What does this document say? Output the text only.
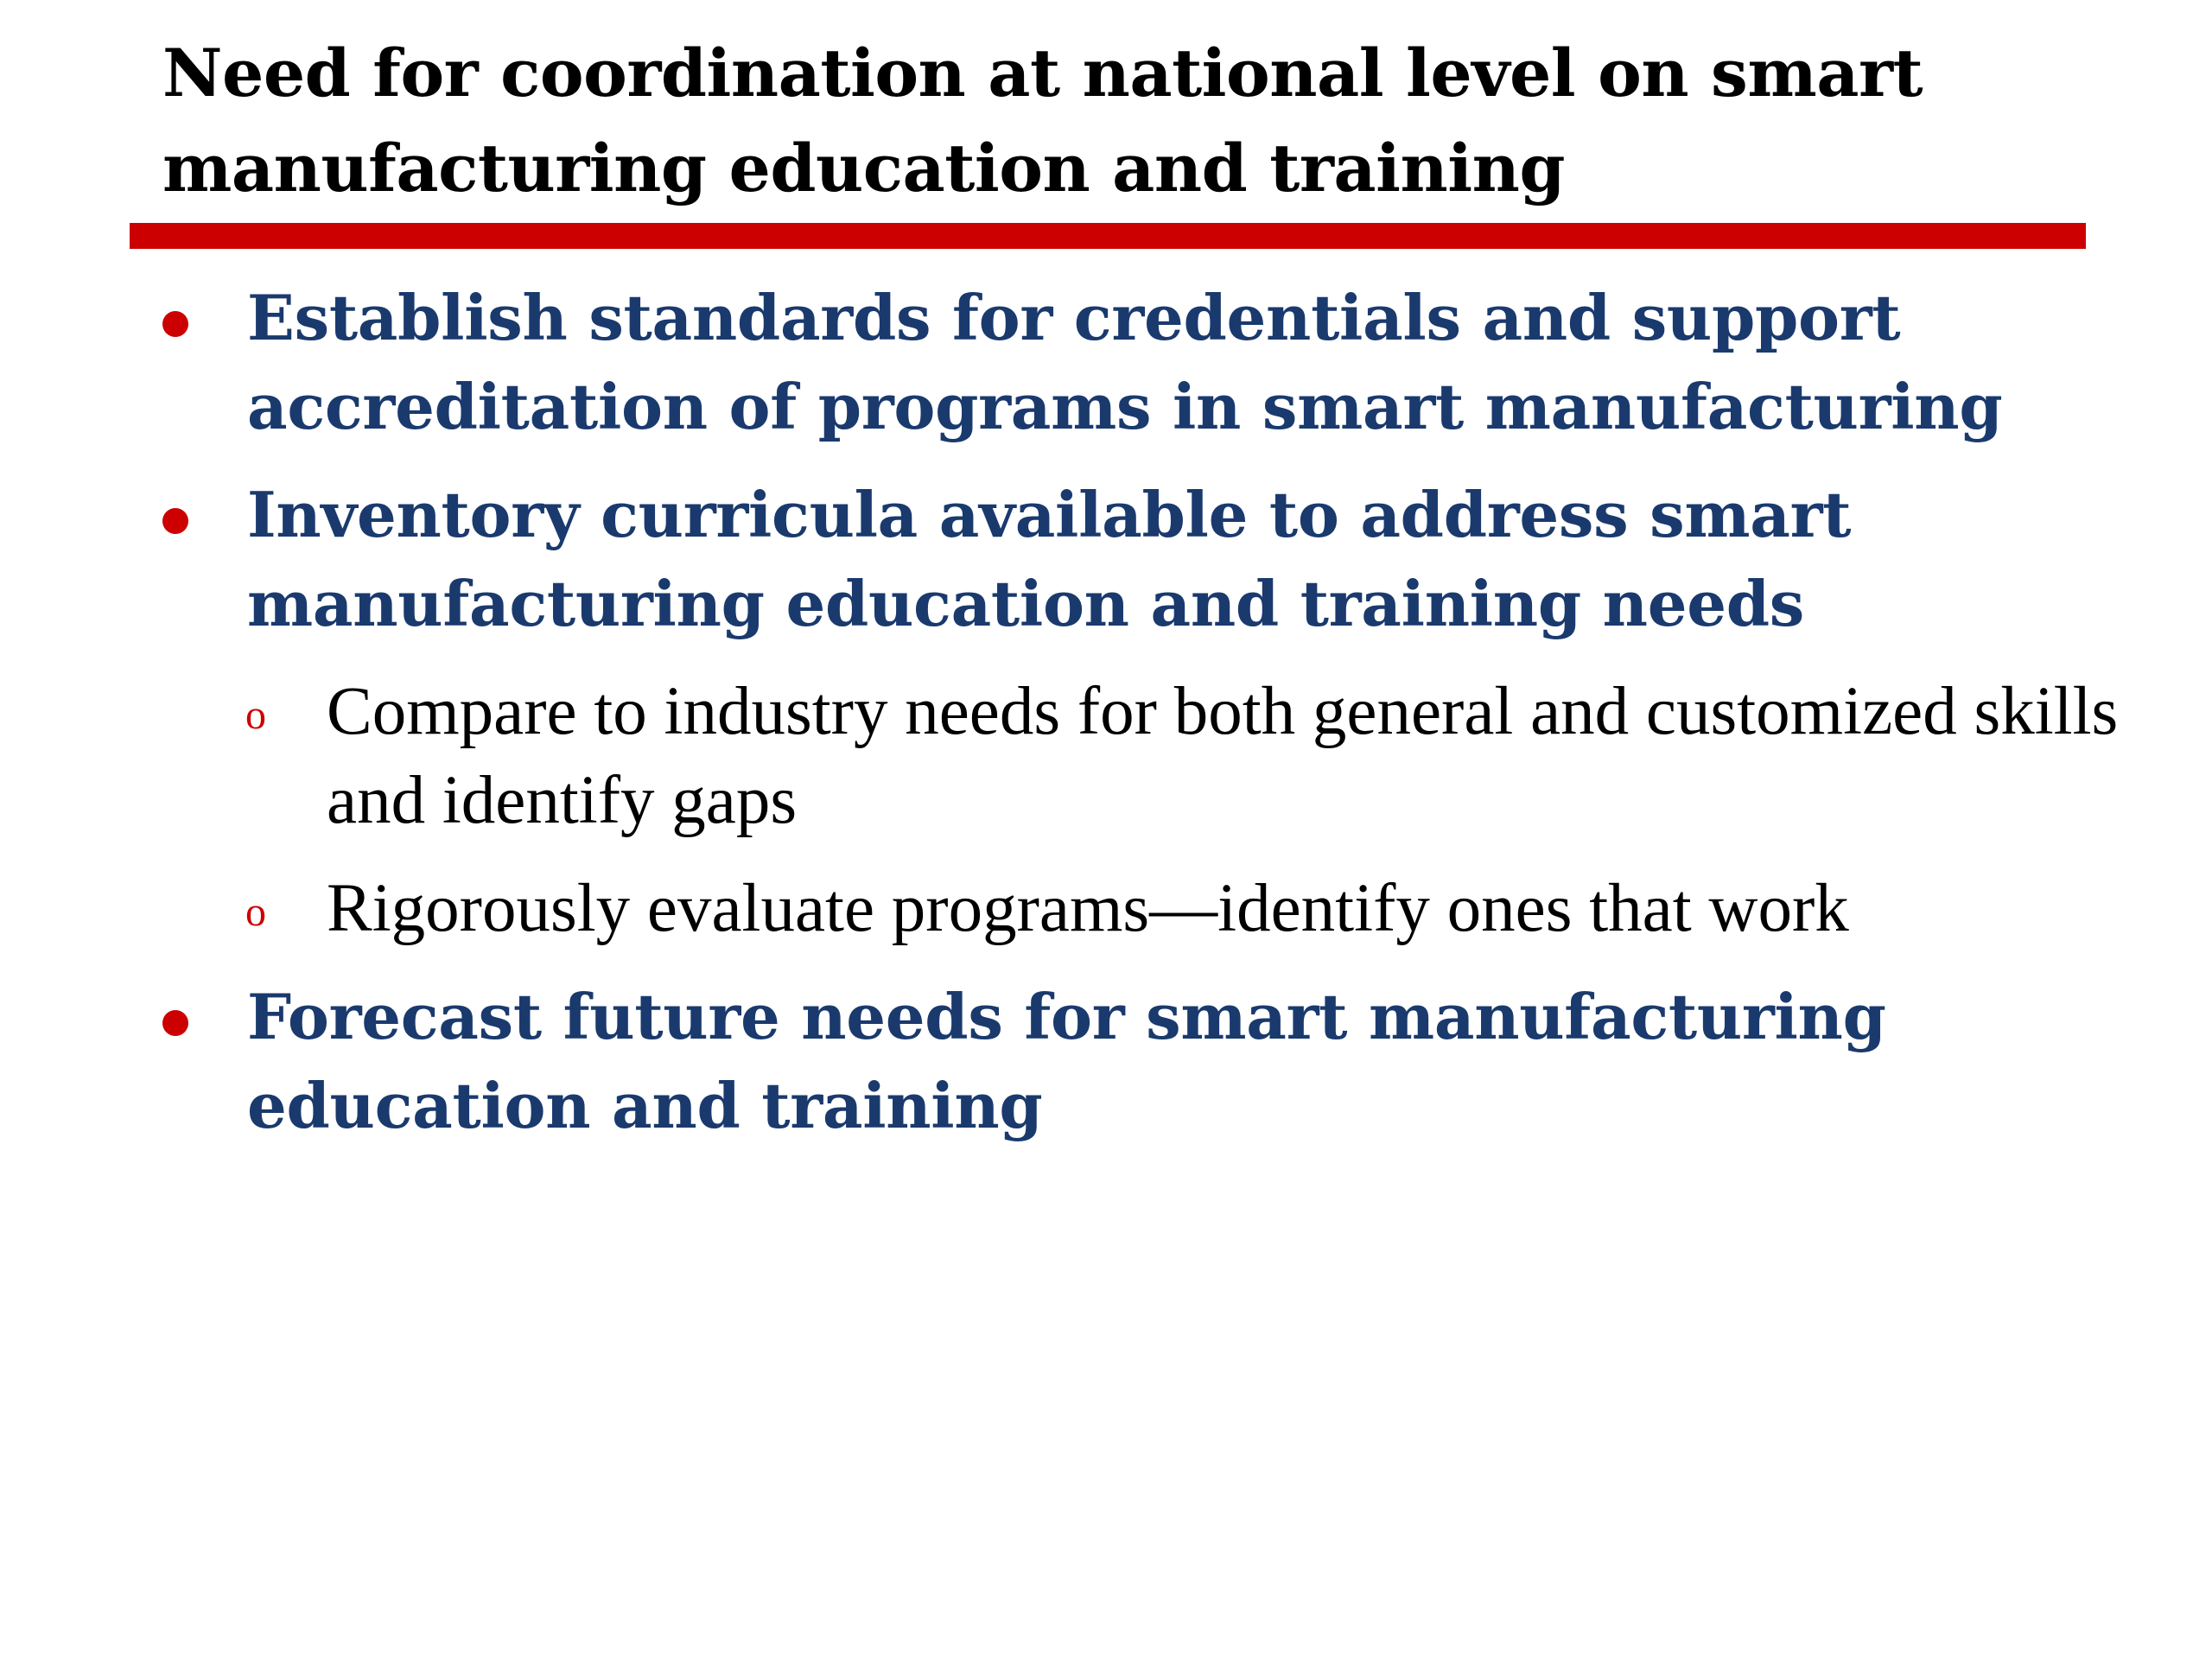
Need for coordination at national level on smart manufacturing education and training
Establish standards for credentials and support accreditation of programs in smart manufacturing
Inventory curricula available to address smart manufacturing education and training needs
o Compare to industry needs for both general and customized skills and identify gaps
o Rigorously evaluate programs—identify ones that work
Forecast future needs for smart manufacturing education and training
